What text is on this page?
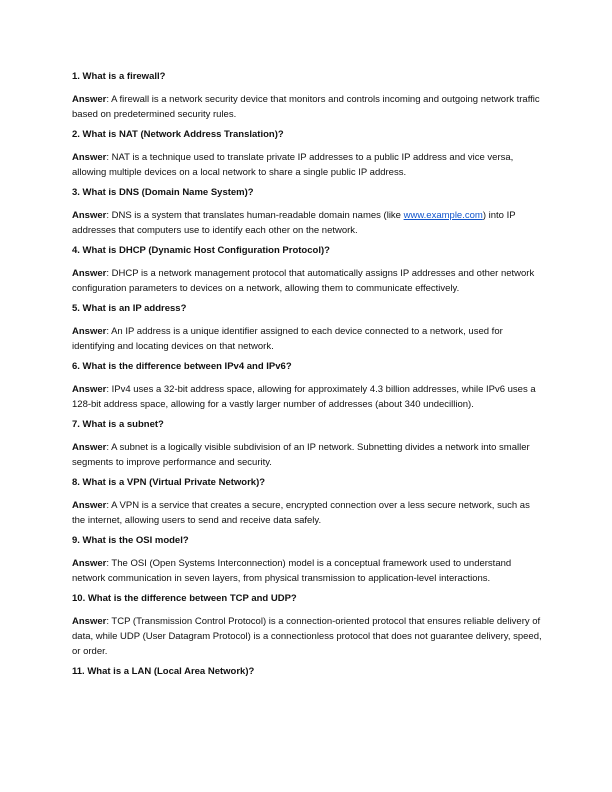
1. What is a firewall?
Answer: A firewall is a network security device that monitors and controls incoming and outgoing network traffic based on predetermined security rules.
2. What is NAT (Network Address Translation)?
Answer: NAT is a technique used to translate private IP addresses to a public IP address and vice versa, allowing multiple devices on a local network to share a single public IP address.
3. What is DNS (Domain Name System)?
Answer: DNS is a system that translates human-readable domain names (like www.example.com) into IP addresses that computers use to identify each other on the network.
4. What is DHCP (Dynamic Host Configuration Protocol)?
Answer: DHCP is a network management protocol that automatically assigns IP addresses and other network configuration parameters to devices on a network, allowing them to communicate effectively.
5. What is an IP address?
Answer: An IP address is a unique identifier assigned to each device connected to a network, used for identifying and locating devices on that network.
6. What is the difference between IPv4 and IPv6?
Answer: IPv4 uses a 32-bit address space, allowing for approximately 4.3 billion addresses, while IPv6 uses a 128-bit address space, allowing for a vastly larger number of addresses (about 340 undecillion).
7. What is a subnet?
Answer: A subnet is a logically visible subdivision of an IP network. Subnetting divides a network into smaller segments to improve performance and security.
8. What is a VPN (Virtual Private Network)?
Answer: A VPN is a service that creates a secure, encrypted connection over a less secure network, such as the internet, allowing users to send and receive data safely.
9. What is the OSI model?
Answer: The OSI (Open Systems Interconnection) model is a conceptual framework used to understand network communication in seven layers, from physical transmission to application-level interactions.
10. What is the difference between TCP and UDP?
Answer: TCP (Transmission Control Protocol) is a connection-oriented protocol that ensures reliable delivery of data, while UDP (User Datagram Protocol) is a connectionless protocol that does not guarantee delivery, speed, or order.
11. What is a LAN (Local Area Network)?
